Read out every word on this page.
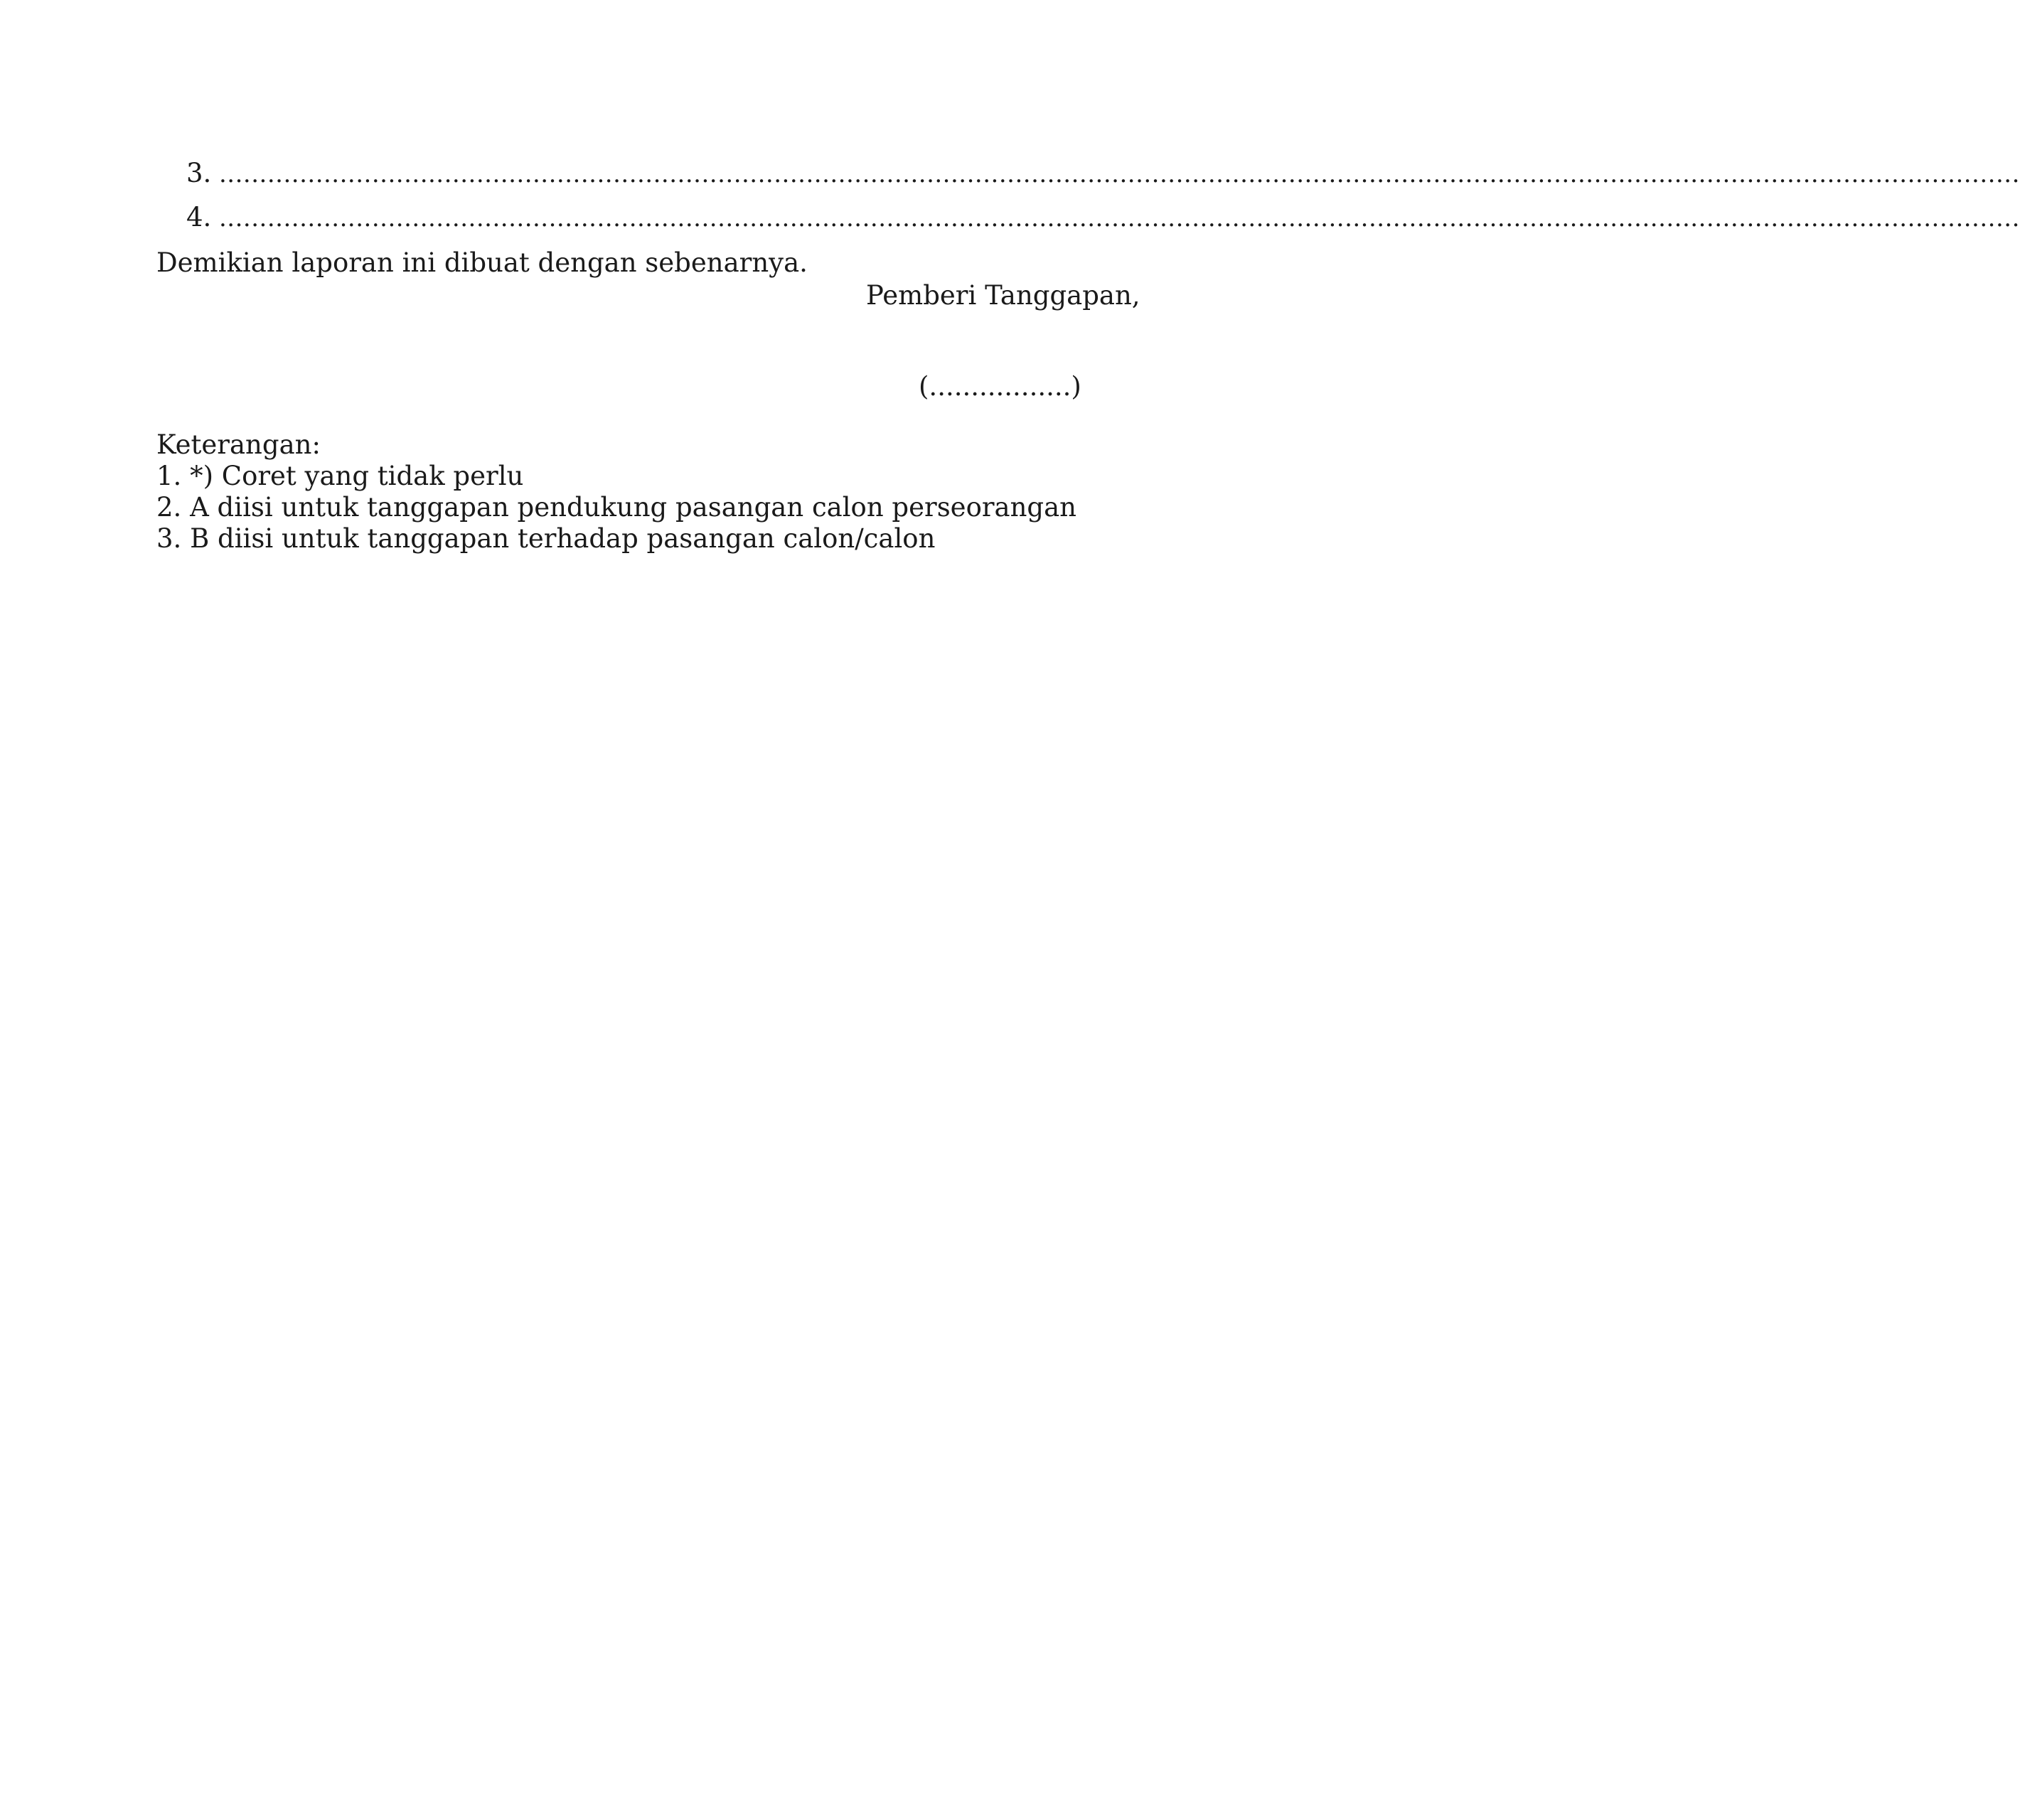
3. ................................................................................................................................................................................................................................
4. ................................................................................................................................................................................................................................
Demikian laporan ini dibuat dengan sebenarnya.
Pemberi Tanggapan,
(.................)
Keterangan:
1. *) Coret yang tidak perlu
2. A diisi untuk tanggapan pendukung pasangan calon perseorangan
3. B diisi untuk tanggapan terhadap pasangan calon/calon
